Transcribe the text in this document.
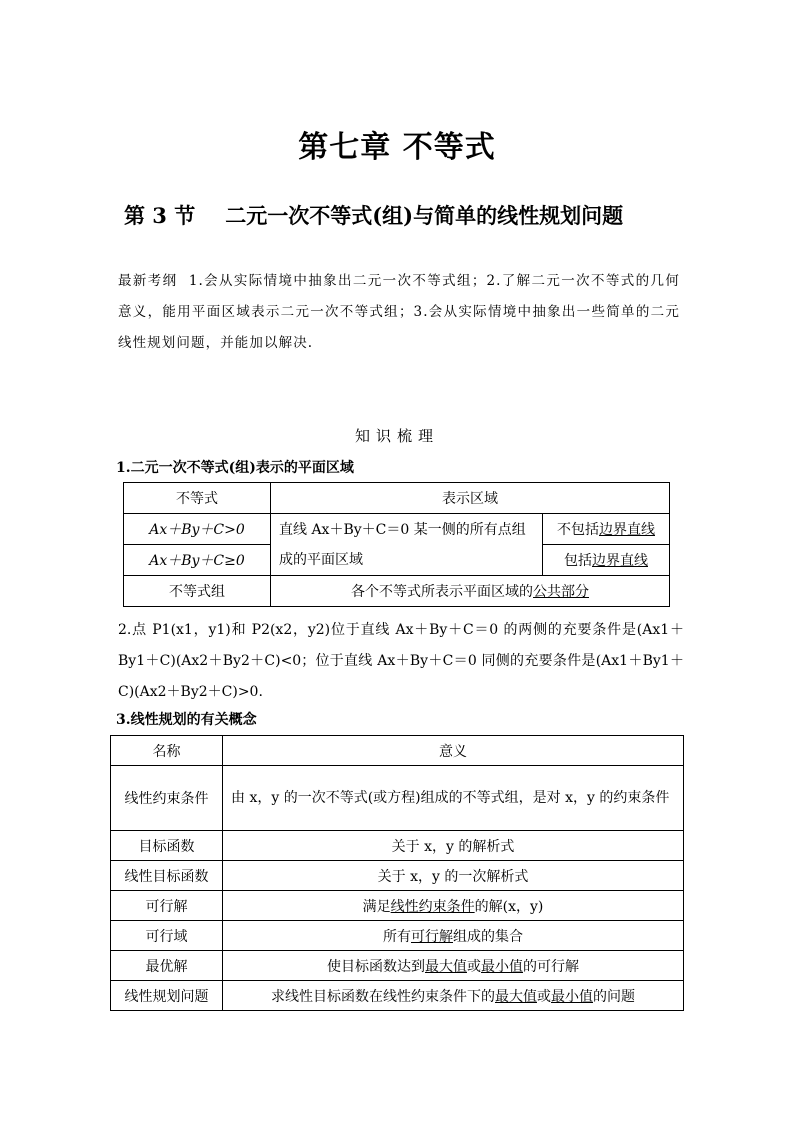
第七章 不等式
第 3 节 二元一次不等式(组)与简单的线性规划问题
最新考纲 1.会从实际情境中抽象出二元一次不等式组；2.了解二元一次不等式的几何意义，能用平面区域表示二元一次不等式组；3.会从实际情境中抽象出一些简单的二元线性规划问题，并能加以解决.
知识梳理
1.二元一次不等式(组)表示的平面区域
不等式	表示区域	
Ax＋By＋C>0	直线 Ax＋By＋C＝0 某一侧的所有点组成的平面区域	不包括边界直线
Ax＋By＋C≥0		包括边界直线
不等式组	各个不等式所表示平面区域的公共部分	
2.点 P1(x1，y1)和 P2(x2，y2)位于直线 Ax＋By＋C＝0 的两侧的充要条件是(Ax1＋By1＋C)(Ax2＋By2＋C)<0；位于直线 Ax＋By＋C＝0 同侧的充要条件是(Ax1＋By1＋C)(Ax2＋By2＋C)>0.
3.线性规划的有关概念
名称	意义
线性约束条件	由 x，y 的一次不等式(或方程)组成的不等式组，是对 x，y 的约束条件
目标函数	关于 x，y 的解析式
线性目标函数	关于 x，y 的一次解析式
可行解	满足线性约束条件的解(x，y)
可行域	所有可行解组成的集合
最优解	使目标函数达到最大值或最小值的可行解
线性规划问题	求线性目标函数在线性约束条件下的最大值或最小值的问题
